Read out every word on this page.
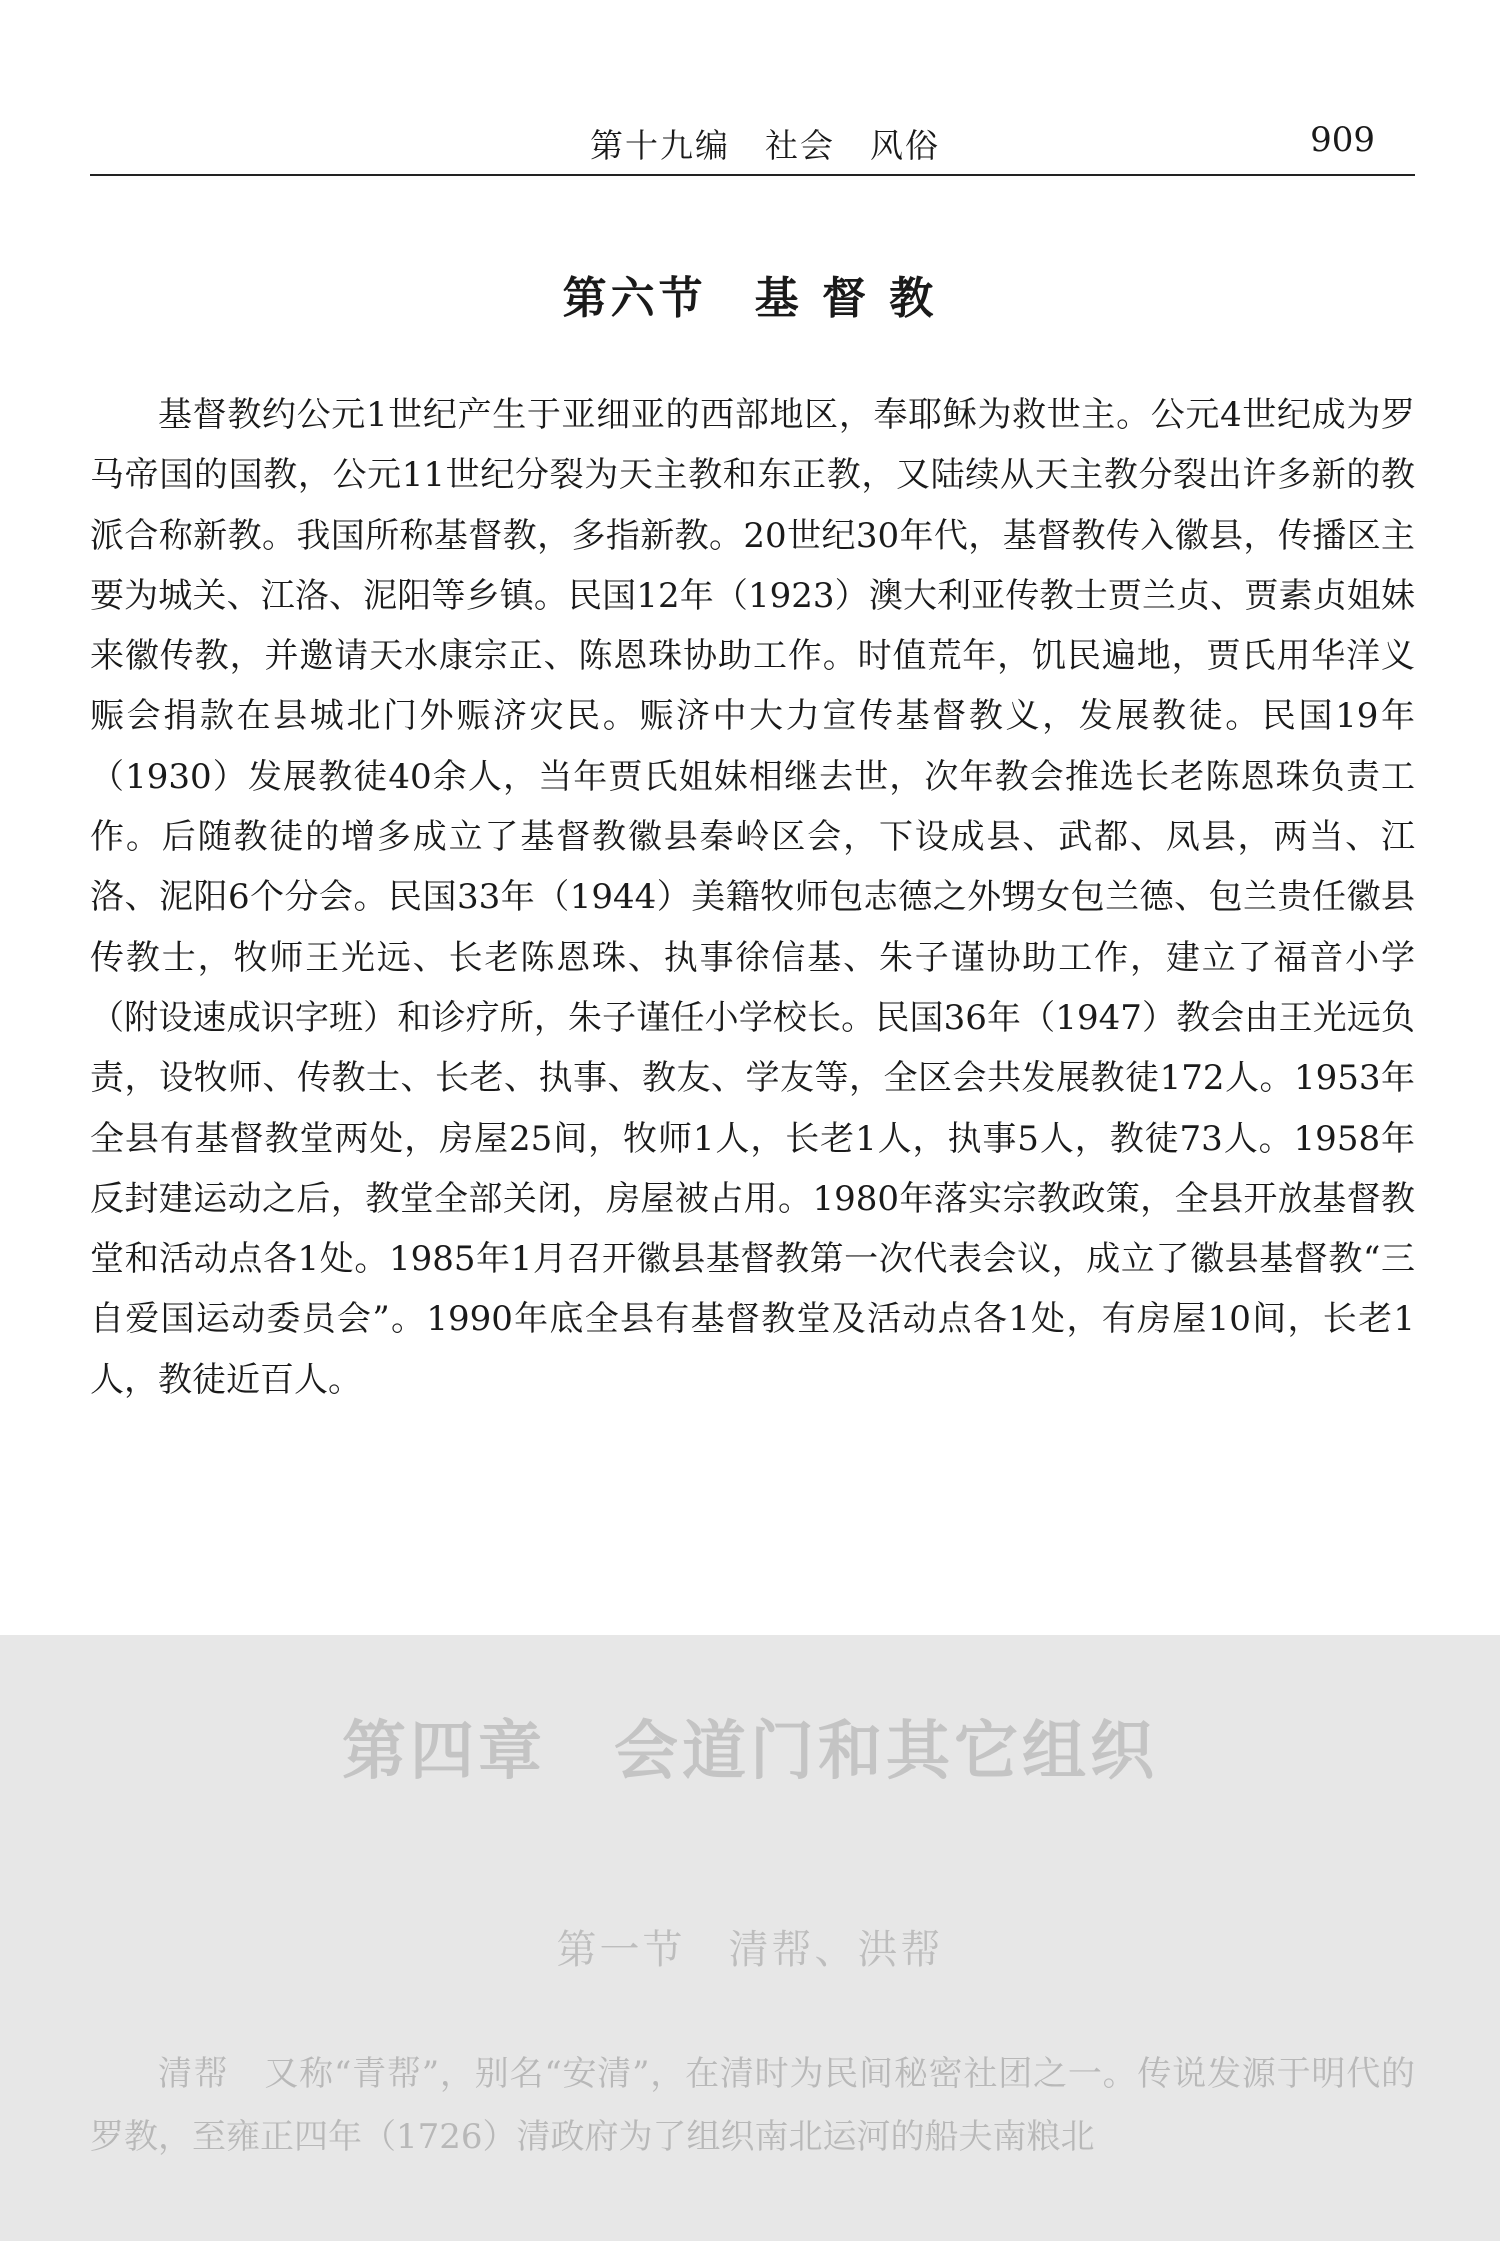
第十九编　社会　风俗	909
第六节　基 督 教

基督教约公元1世纪产生于亚细亚的西部地区，奉耶稣为救世主。公元4世纪成为罗马帝国的国教，公元11世纪分裂为天主教和东正教，又陆续从天主教分裂出许多新的教派合称新教。我国所称基督教，多指新教。20世纪30年代，基督教传入徽县，传播区主要为城关、江洛、泥阳等乡镇。民国12年（1923）澳大利亚传教士贾兰贞、贾素贞姐妹来徽传教，并邀请天水康宗正、陈恩珠协助工作。时值荒年，饥民遍地，贾氏用华洋义赈会捐款在县城北门外赈济灾民。赈济中大力宣传基督教义，发展教徒。民国19年（1930）发展教徒40余人，当年贾氏姐妹相继去世，次年教会推选长老陈恩珠负责工作。后随教徒的增多成立了基督教徽县秦岭区会，下设成县、武都、凤县，两当、江洛、泥阳6个分会。民国33年（1944）美籍牧师包志德之外甥女包兰德、包兰贵任徽县传教士，牧师王光远、长老陈恩珠、执事徐信基、朱子谨协助工作，建立了福音小学（附设速成识字班）和诊疗所，朱子谨任小学校长。民国36年（1947）教会由王光远负责，设牧师、传教士、长老、执事、教友、学友等，全区会共发展教徒172人。1953年全县有基督教堂两处，房屋25间，牧师1人，长老1人，执事5人，教徒73人。1958年反封建运动之后，教堂全部关闭，房屋被占用。1980年落实宗教政策，全县开放基督教堂和活动点各1处。1985年1月召开徽县基督教第一次代表会议，成立了徽县基督教“三自爱国运动委员会”。1990年底全县有基督教堂及活动点各1处，有房屋10间，长老1人，教徒近百人。

第四章　会道门和其它组织
第一节　清帮、洪帮

清帮　 又称“青帮”，别名“安清”，在清时为民间秘密社团之一。传说发源于明代的罗教，至雍正四年（1726）清政府为了组织南北运河的船夫南粮北
